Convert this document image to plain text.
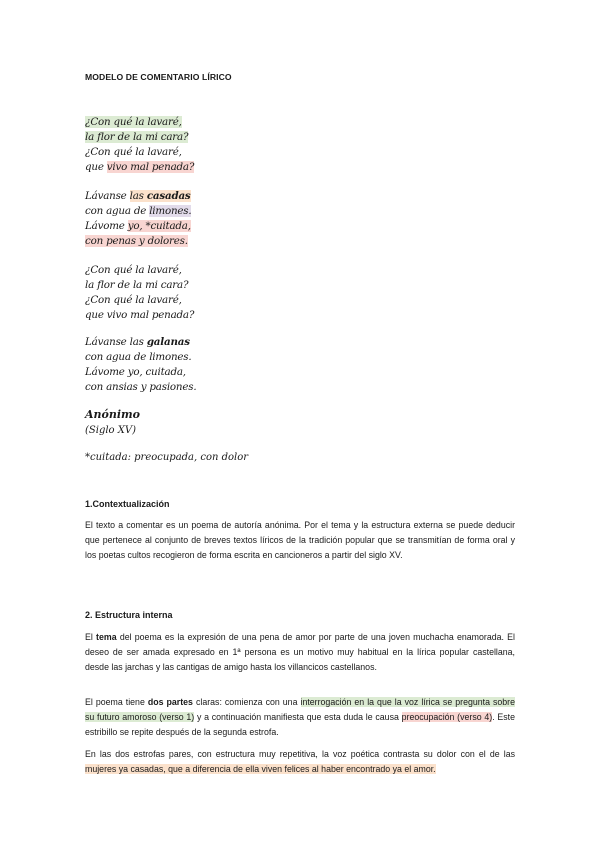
MODELO DE COMENTARIO LÍRICO
¿Con qué la lavaré,
la flor de la mi cara?
¿Con qué la lavaré,
que vivo mal penada?
Lávanse las casadas
con agua de limones.
Lávome yo, *cuitada,
con penas y dolores.
¿Con qué la lavaré,
la flor de la mi cara?
¿Con qué la lavaré,
que vivo mal penada?
Lávanse las galanas
con agua de limones.
Lávome yo, cuitada,
con ansias y pasiones.
Anónimo
(Siglo XV)
*cuitada: preocupada, con dolor
1.Contextualización
El texto a comentar es un poema de autoría anónima. Por el tema y la estructura externa se puede deducir que pertenece al conjunto de breves textos líricos de la tradición popular que se transmitían de forma oral y los poetas cultos recogieron de forma escrita en cancioneros a partir del siglo XV.
2. Estructura interna
El tema del poema es la expresión de una pena de amor por parte de una joven muchacha enamorada. El deseo de ser amada expresado en 1ª persona es un motivo muy habitual en la lírica popular castellana, desde las jarchas y las cantigas de amigo hasta los villancicos castellanos.
El poema tiene dos partes claras: comienza con una interrogación en la que la voz lírica se pregunta sobre su futuro amoroso (verso 1) y a continuación manifiesta que esta duda le causa preocupación (verso 4). Este estribillo se repite después de la segunda estrofa.
En las dos estrofas pares, con estructura muy repetitiva, la voz poética contrasta su dolor con el de las mujeres ya casadas, que a diferencia de ella viven felices al haber encontrado ya el amor.
